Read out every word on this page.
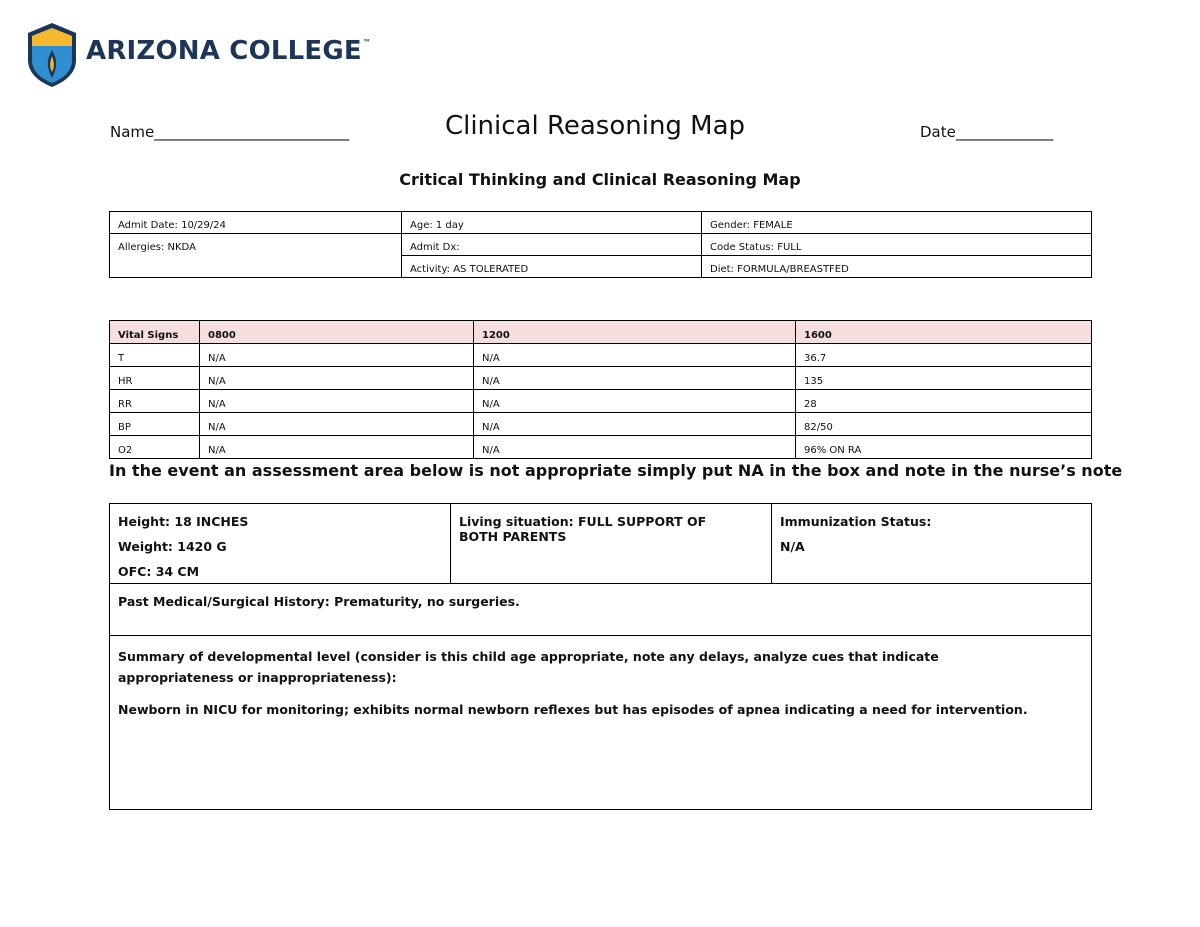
ARIZONA COLLEGE™
Name__________________________	Clinical Reasoning Map	Date_____________
Critical Thinking and Clinical Reasoning Map
Admit Date: 10/29/24	Age: 1 day	Gender: FEMALE
Allergies: NKDA	Admit Dx:	Code Status: FULL
	Activity: AS TOLERATED	Diet: FORMULA/BREASTFED
Vital Signs	0800	1200	1600
T	N/A	N/A	36.7
HR	N/A	N/A	135
RR	N/A	N/A	28
BP	N/A	N/A	82/50
O2	N/A	N/A	96% ON RA
In the event an assessment area below is not appropriate simply put NA in the box and note in the nurse’s note
Height: 18 INCHES
Weight: 1420 G
OFC: 34 CM

Living situation: FULL SUPPORT OF BOTH PARENTS

Immunization Status:
N/A

Past Medical/Surgical History: Prematurity, no surgeries.

Summary of developmental level (consider is this child age appropriate, note any delays, analyze cues that indicate appropriateness or inappropriateness):
Newborn in NICU for monitoring; exhibits normal newborn reflexes but has episodes of apnea indicating a need for intervention.
